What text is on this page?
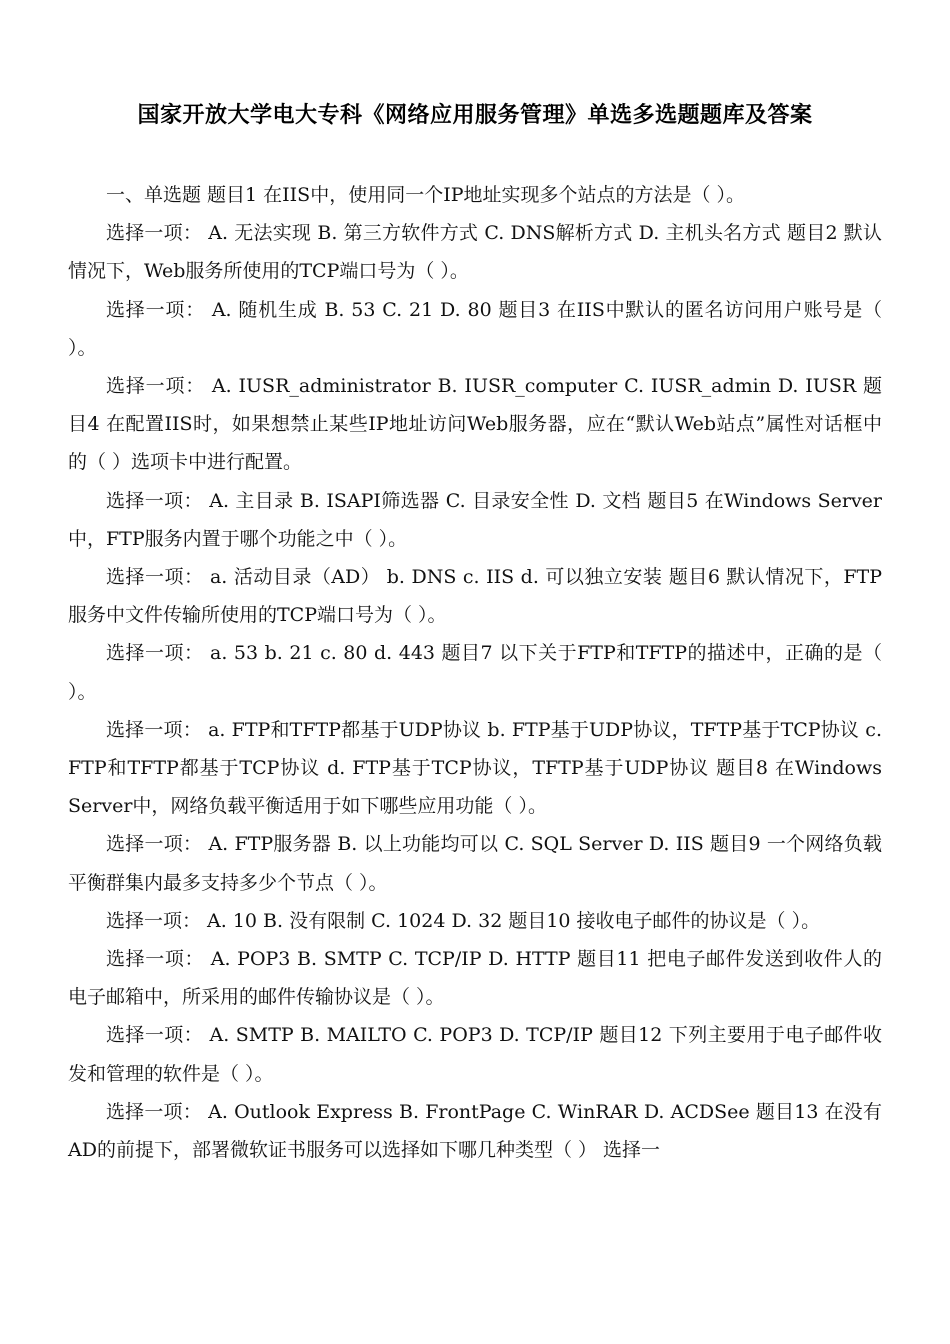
国家开放大学电大专科《网络应用服务管理》单选多选题题库及答案

一、单选题 题目1 在IIS中，使用同一个IP地址实现多个站点的方法是（ ）。

选择一项： A. 无法实现 B. 第三方软件方式 C. DNS解析方式 D. 主机头名方式 题目2 默认情况下，Web服务所使用的TCP端口号为（ ）。

选择一项： A. 随机生成 B. 53 C. 21 D. 80 题目3 在IIS中默认的匿名访问用户账号是（ ）。

选择一项： A. IUSR_administrator B. IUSR_computer C. IUSR_admin D. IUSR 题目4 在配置IIS时，如果想禁止某些IP地址访问Web服务器，应在“默认Web站点”属性对话框中的（ ）选项卡中进行配置。

选择一项： A. 主目录 B. ISAPI筛选器 C. 目录安全性 D. 文档 题目5 在Windows Server中，FTP服务内置于哪个功能之中（ ）。

选择一项： a. 活动目录（AD） b. DNS c. IIS d. 可以独立安装 题目6 默认情况下，FTP服务中文件传输所使用的TCP端口号为（ ）。

选择一项： a. 53 b. 21 c. 80 d. 443 题目7 以下关于FTP和TFTP的描述中，正确的是（ ）。

选择一项： a. FTP和TFTP都基于UDP协议 b. FTP基于UDP协议，TFTP基于TCP协议 c. FTP和TFTP都基于TCP协议 d. FTP基于TCP协议，TFTP基于UDP协议 题目8 在Windows Server中，网络负载平衡适用于如下哪些应用功能（ ）。

选择一项： A. FTP服务器 B. 以上功能均可以 C. SQL Server D. IIS 题目9 一个网络负载平衡群集内最多支持多少个节点（ ）。

选择一项： A. 10 B. 没有限制 C. 1024 D. 32 题目10 接收电子邮件的协议是（ ）。

选择一项： A. POP3 B. SMTP C. TCP/IP D. HTTP 题目11 把电子邮件发送到收件人的电子邮箱中，所采用的邮件传输协议是（ ）。

选择一项： A. SMTP B. MAILTO C. POP3 D. TCP/IP 题目12 下列主要用于电子邮件收发和管理的软件是（ ）。

选择一项： A. Outlook Express B. FrontPage C. WinRAR D. ACDSee 题目13 在没有AD的前提下，部署微软证书服务可以选择如下哪几种类型（ ） 选择一
